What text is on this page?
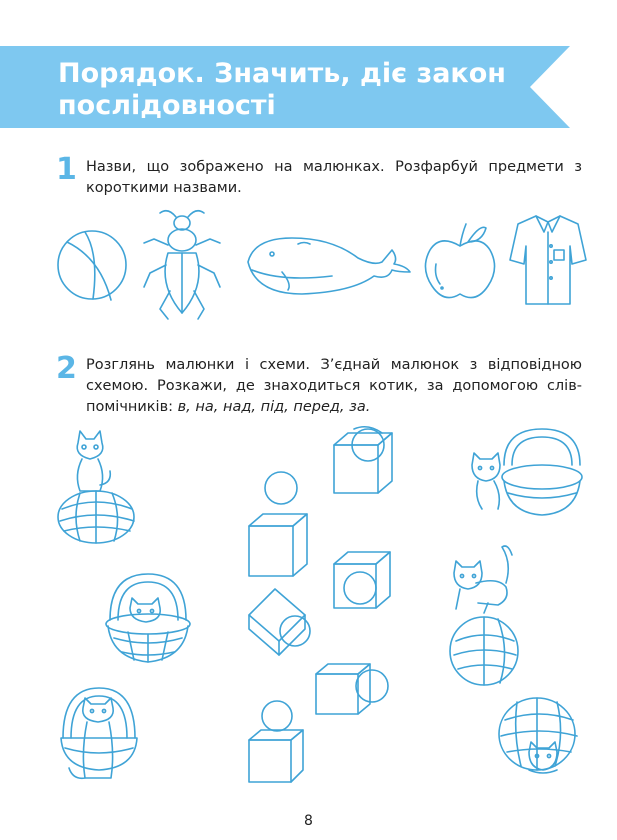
Порядок. Значить, діє закон послідовності
1 Назви, що зображено на малюнках. Розфарбуй предмети з короткими назвами.

2 Розглянь малюнки і схеми. З’єднай малюнок з відповідною схемою. Розкажи, де знаходиться котик, за допомогою слів-помічників: в, на, над, під, перед, за.

8
